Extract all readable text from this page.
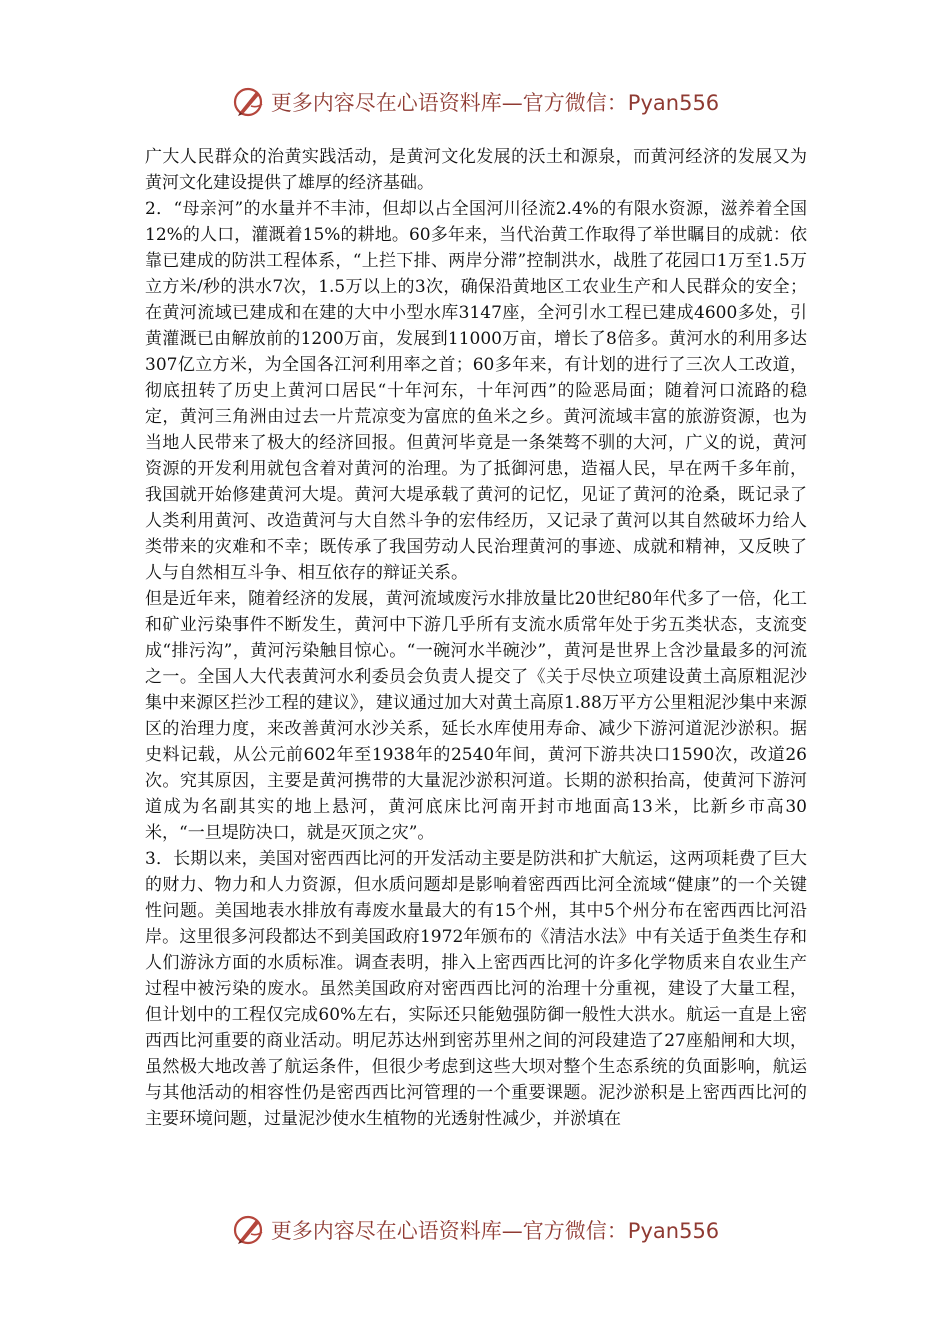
更多内容尽在心语资料库—官方微信：Pyan556

广大人民群众的治黄实践活动，是黄河文化发展的沃土和源泉，而黄河经济的发展又为黄河文化建设提供了雄厚的经济基础。

2．“母亲河”的水量并不丰沛，但却以占全国河川径流2.4%的有限水资源，滋养着全国12%的人口，灌溉着15%的耕地。60多年来，当代治黄工作取得了举世瞩目的成就：依靠已建成的防洪工程体系，“上拦下排、两岸分滞”控制洪水，战胜了花园口1万至1.5万立方米/秒的洪水7次，1.5万以上的3次，确保沿黄地区工农业生产和人民群众的安全；在黄河流域已建成和在建的大中小型水库3147座，全河引水工程已建成4600多处，引黄灌溉已由解放前的1200万亩，发展到11000万亩，增长了8倍多。黄河水的利用多达307亿立方米，为全国各江河利用率之首；60多年来，有计划的进行了三次人工改道，彻底扭转了历史上黄河口居民“十年河东，十年河西”的险恶局面；随着河口流路的稳定，黄河三角洲由过去一片荒凉变为富庶的鱼米之乡。黄河流域丰富的旅游资源，也为当地人民带来了极大的经济回报。但黄河毕竟是一条桀骜不驯的大河，广义的说，黄河资源的开发利用就包含着对黄河的治理。为了抵御河患，造福人民，早在两千多年前，我国就开始修建黄河大堤。黄河大堤承载了黄河的记忆，见证了黄河的沧桑，既记录了人类利用黄河、改造黄河与大自然斗争的宏伟经历，又记录了黄河以其自然破坏力给人类带来的灾难和不幸；既传承了我国劳动人民治理黄河的事迹、成就和精神，又反映了人与自然相互斗争、相互依存的辩证关系。

但是近年来，随着经济的发展，黄河流域废污水排放量比20世纪80年代多了一倍，化工和矿业污染事件不断发生，黄河中下游几乎所有支流水质常年处于劣五类状态，支流变成“排污沟”，黄河污染触目惊心。“一碗河水半碗沙”，黄河是世界上含沙量最多的河流之一。全国人大代表黄河水利委员会负责人提交了《关于尽快立项建设黄土高原粗泥沙集中来源区拦沙工程的建议》，建议通过加大对黄土高原1.88万平方公里粗泥沙集中来源区的治理力度，来改善黄河水沙关系，延长水库使用寿命、减少下游河道泥沙淤积。据史料记载，从公元前602年至1938年的2540年间，黄河下游共决口1590次，改道26次。究其原因，主要是黄河携带的大量泥沙淤积河道。长期的淤积抬高，使黄河下游河道成为名副其实的地上悬河，黄河底床比河南开封市地面高13米，比新乡市高30米，“一旦堤防决口，就是灭顶之灾”。

3．长期以来，美国对密西西比河的开发活动主要是防洪和扩大航运，这两项耗费了巨大的财力、物力和人力资源，但水质问题却是影响着密西西比河全流域“健康”的一个关键性问题。美国地表水排放有毒废水量最大的有15个州，其中5个州分布在密西西比河沿岸。这里很多河段都达不到美国政府1972年颁布的《清洁水法》中有关适于鱼类生存和人们游泳方面的水质标准。调查表明，排入上密西西比河的许多化学物质来自农业生产过程中被污染的废水。虽然美国政府对密西西比河的治理十分重视，建设了大量工程，但计划中的工程仅完成60%左右，实际还只能勉强防御一般性大洪水。航运一直是上密西西比河重要的商业活动。明尼苏达州到密苏里州之间的河段建造了27座船闸和大坝，虽然极大地改善了航运条件，但很少考虑到这些大坝对整个生态系统的负面影响，航运与其他活动的相容性仍是密西西比河管理的一个重要课题。泥沙淤积是上密西西比河的主要环境问题，过量泥沙使水生植物的光透射性减少，并淤填在

更多内容尽在心语资料库—官方微信：Pyan556
